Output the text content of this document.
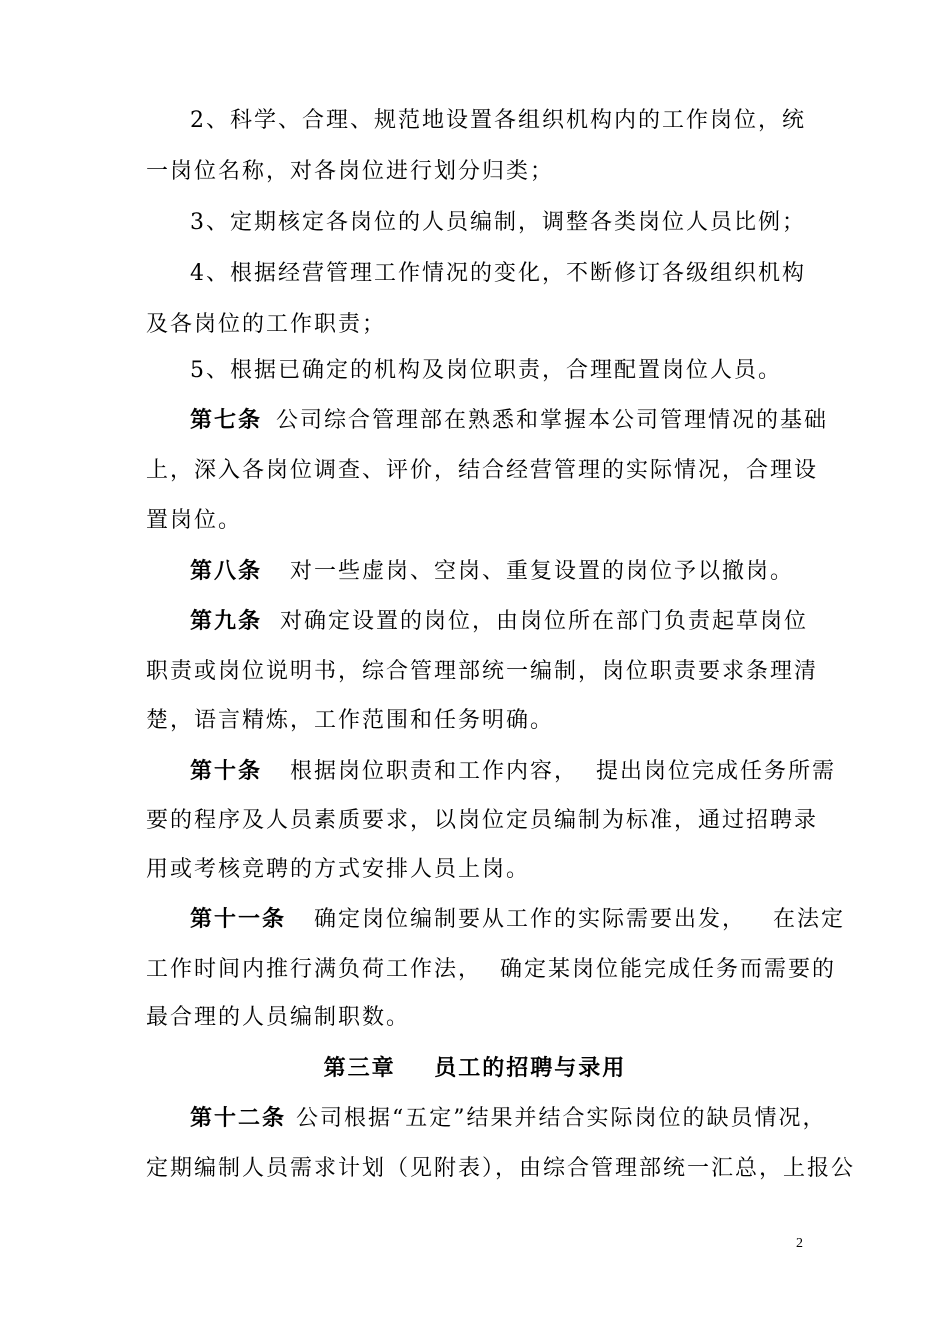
2、科学、合理、规范地设置各组织机构内的工作岗位，统
一岗位名称，对各岗位进行划分归类；
3、定期核定各岗位的人员编制，调整各类岗位人员比例；
4、根据经营管理工作情况的变化，不断修订各级组织机构
及各岗位的工作职责；
5、根据已确定的机构及岗位职责，合理配置岗位人员。
第七条 公司综合管理部在熟悉和掌握本公司管理情况的基础
上，深入各岗位调查、评价，结合经营管理的实际情况，合理设
置岗位。
第八条 对一些虚岗、空岗、重复设置的岗位予以撤岗。
第九条 对确定设置的岗位，由岗位所在部门负责起草岗位
职责或岗位说明书，综合管理部统一编制，岗位职责要求条理清
楚，语言精炼，工作范围和任务明确。
第十条 根据岗位职责和工作内容，  提出岗位完成任务所需
要的程序及人员素质要求，以岗位定员编制为标准，通过招聘录
用或考核竞聘的方式安排人员上岗。
第十一条 确定岗位编制要从工作的实际需要出发，   在法定
工作时间内推行满负荷工作法，  确定某岗位能完成任务而需要的
最合理的人员编制职数。
第三章    员工的招聘与录用
第十二条 公司根据“五定”结果并结合实际岗位的缺员情况，
定期编制人员需求计划（见附表），由综合管理部统一汇总，上报公
2
